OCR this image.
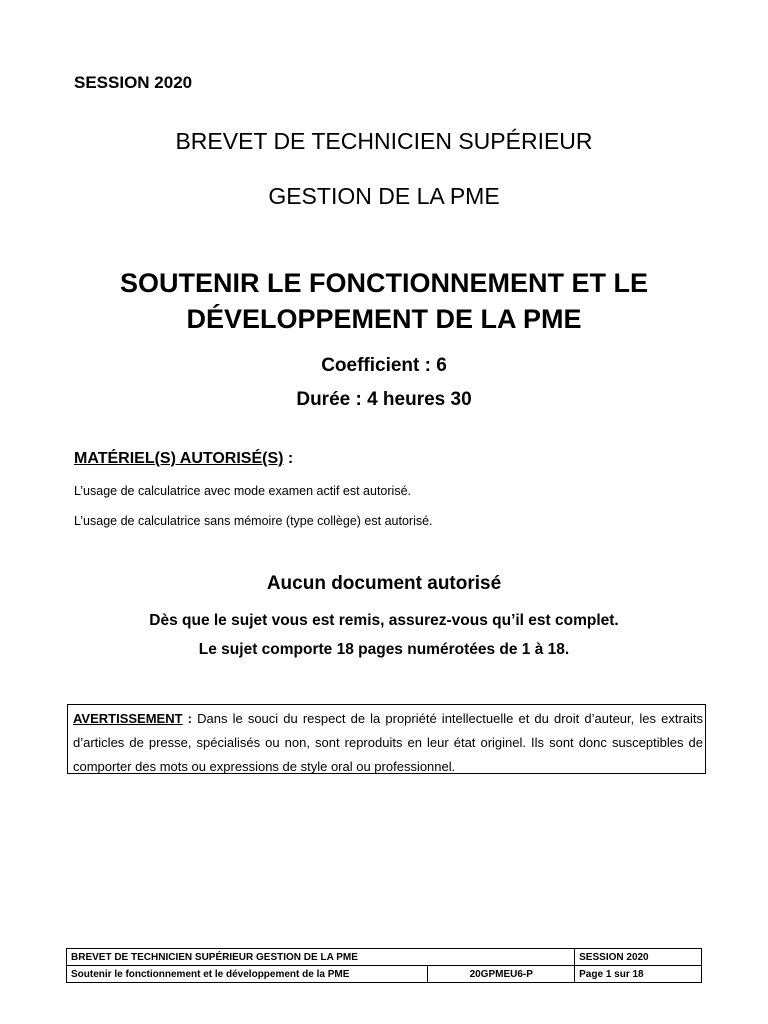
SESSION 2020
BREVET DE TECHNICIEN SUPÉRIEUR
GESTION DE LA PME
SOUTENIR LE FONCTIONNEMENT ET LE
DÉVELOPPEMENT DE LA PME
Coefficient : 6
Durée : 4 heures 30
MATÉRIEL(S) AUTORISÉ(S) :
L’usage de calculatrice avec mode examen actif est autorisé.
L’usage de calculatrice sans mémoire (type collège) est autorisé.
Aucun document autorisé
Dès que le sujet vous est remis, assurez-vous qu’il est complet.
Le sujet comporte 18 pages numérotées de 1 à 18.
AVERTISSEMENT : Dans le souci du respect de la propriété intellectuelle et du droit d’auteur, les extraits d’articles de presse, spécialisés ou non, sont reproduits en leur état originel. Ils sont donc susceptibles de comporter des mots ou expressions de style oral ou professionnel.
BREVET DE TECHNICIEN SUPÉRIEUR GESTION DE LA PME		SESSION 2020
Soutenir le fonctionnement et le développement de la PME	20GPMEU6-P	Page 1 sur 18
